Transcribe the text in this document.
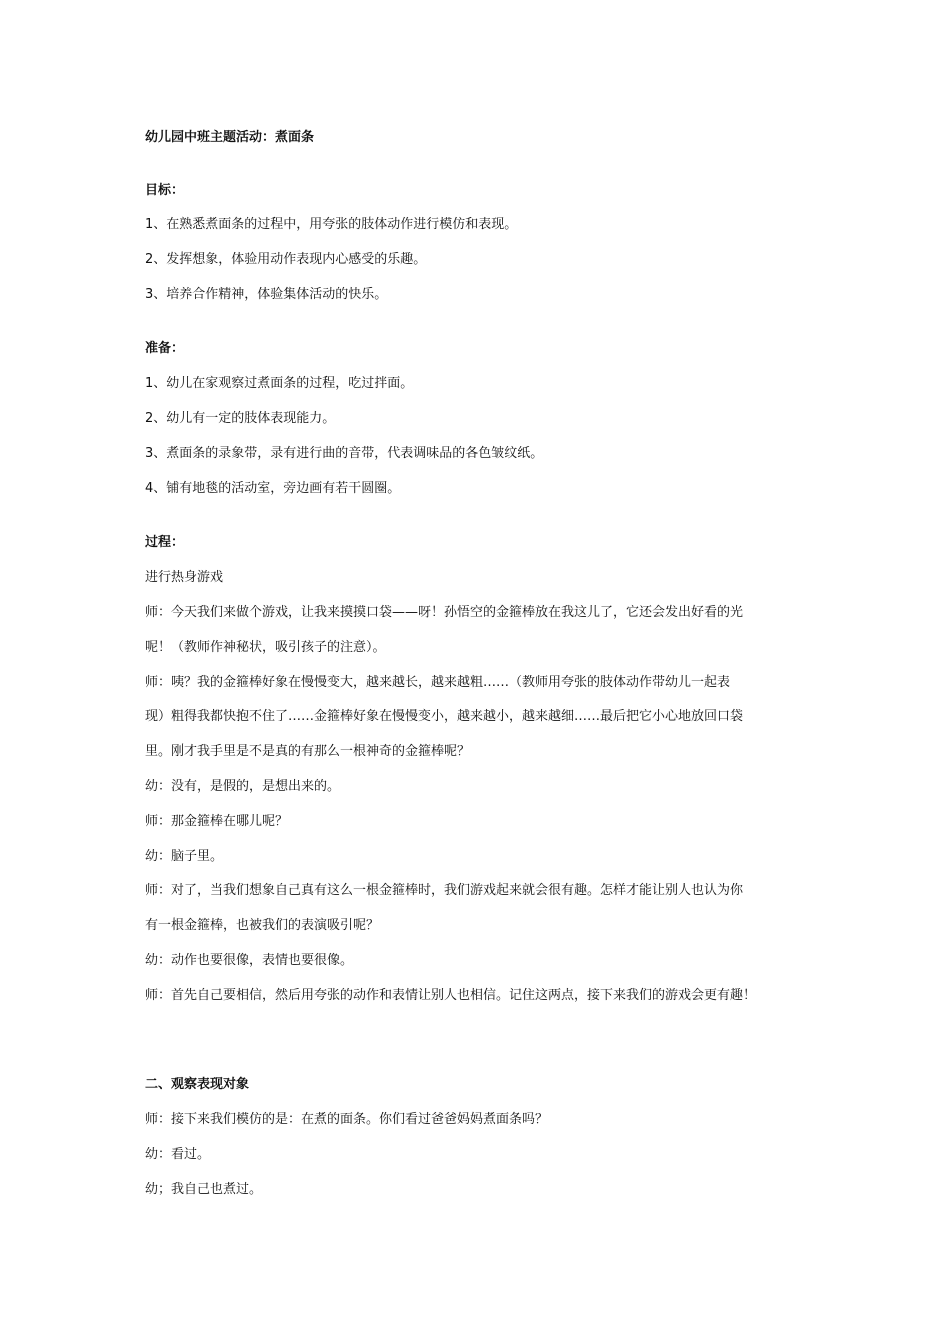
幼儿园中班主题活动：煮面条
目标：
1、在熟悉煮面条的过程中，用夸张的肢体动作进行模仿和表现。
2、发挥想象，体验用动作表现内心感受的乐趣。
3、培养合作精神，体验集体活动的快乐。
准备：
1、幼儿在家观察过煮面条的过程，吃过拌面。
2、幼儿有一定的肢体表现能力。
3、煮面条的录象带，录有进行曲的音带，代表调味品的各色皱纹纸。
4、铺有地毯的活动室，旁边画有若干圆圈。
过程：
进行热身游戏
师：今天我们来做个游戏，让我来摸摸口袋——呀！孙悟空的金箍棒放在我这儿了，它还会发出好看的光
呢！（教师作神秘状，吸引孩子的注意）。
师：咦？我的金箍棒好象在慢慢变大，越来越长，越来越粗……（教师用夸张的肢体动作带幼儿一起表
现）粗得我都快抱不住了……金箍棒好象在慢慢变小，越来越小，越来越细……最后把它小心地放回口袋
里。刚才我手里是不是真的有那么一根神奇的金箍棒呢？
幼：没有，是假的，是想出来的。
师：那金箍棒在哪儿呢？
幼：脑子里。
师：对了，当我们想象自己真有这么一根金箍棒时，我们游戏起来就会很有趣。怎样才能让别人也认为你
有一根金箍棒，也被我们的表演吸引呢？
幼：动作也要很像，表情也要很像。
师：首先自己要相信，然后用夸张的动作和表情让别人也相信。记住这两点，接下来我们的游戏会更有趣！
二、观察表现对象
师：接下来我们模仿的是：在煮的面条。你们看过爸爸妈妈煮面条吗？
幼：看过。
幼；我自己也煮过。
